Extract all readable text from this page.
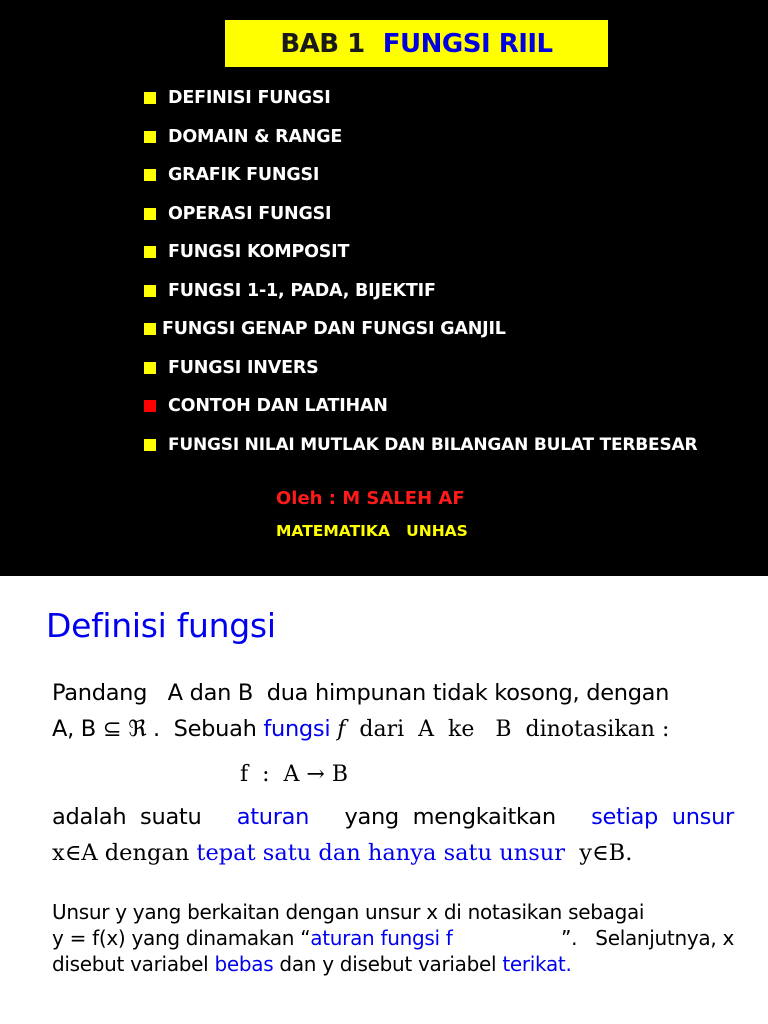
BAB 1 FUNGSI RIIL
DEFINISI FUNGSI
DOMAIN & RANGE
GRAFIK FUNGSI
OPERASI FUNGSI
FUNGSI KOMPOSIT
FUNGSI 1-1, PADA, BIJEKTIF
FUNGSI GENAP DAN FUNGSI GANJIL
FUNGSI INVERS
CONTOH DAN LATIHAN
FUNGSI NILAI MUTLAK DAN BILANGAN BULAT TERBESAR
Oleh : M SALEH AF
MATEMATIKA   UNHAS
Definisi fungsi
Pandang   A dan B  dua himpunan tidak kosong, dengan
A, B ⊆ ℜ .  Sebuah fungsi f  dari  A  ke   B  dinotasikan :
f  :  A → B
adalah  suatu aturan yang  mengkaitkan setiap  unsur
x∈A dengan tepat satu dan hanya satu unsur  y∈B.
Unsur y yang berkaitan dengan unsur x di notasikan sebagai
y = f(x) yang dinamakan “ aturan fungsi f	”.   Selanjutnya, x
disebut variabel bebas dan y disebut variabel terikat.
